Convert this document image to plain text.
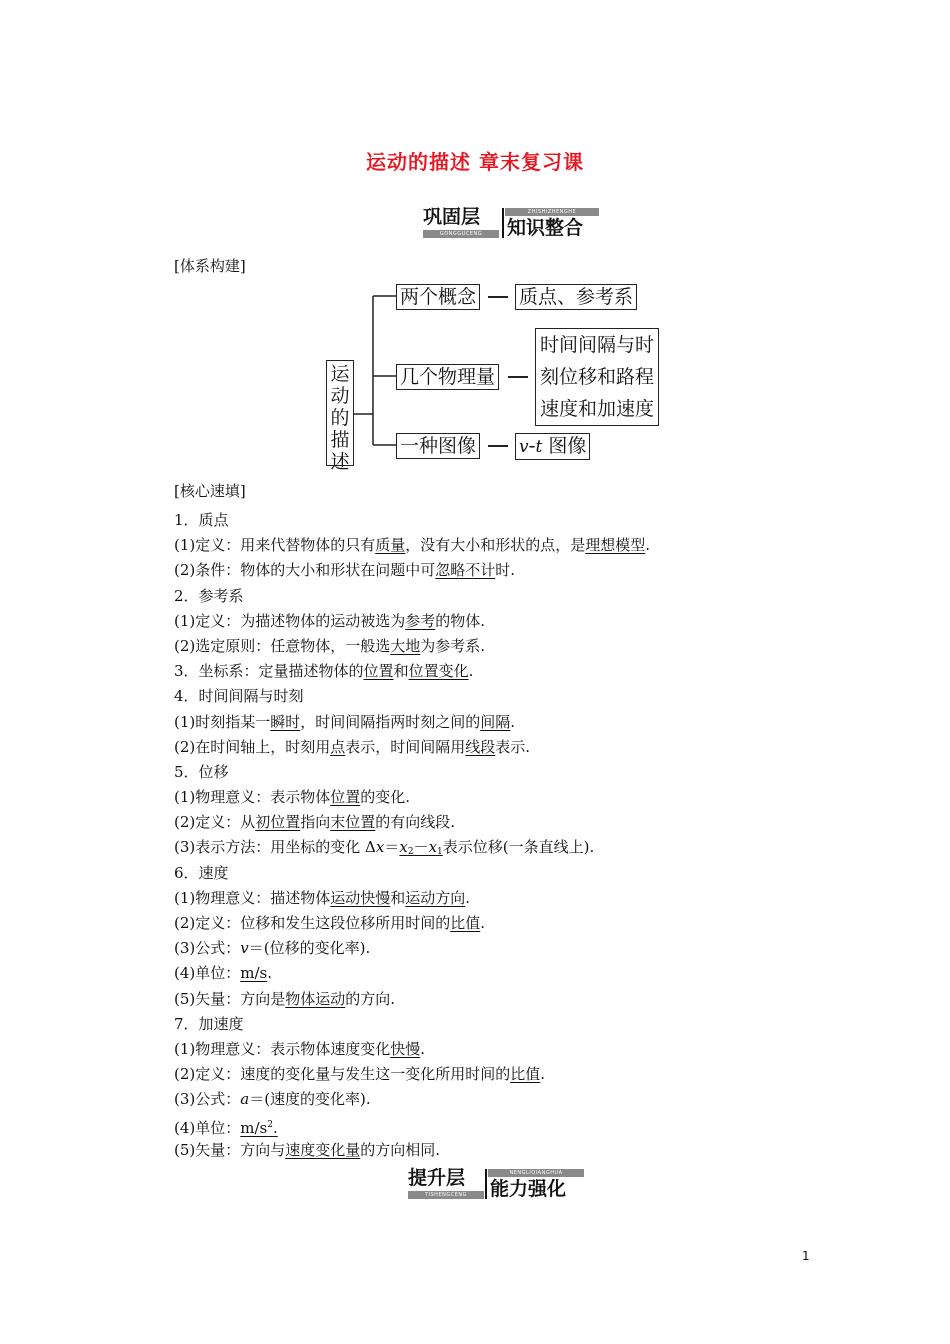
运动的描述 章末复习课
巩固层	ZHISHIZHENGHE
GONGGUCENG	知识整合
[体系构建]
运动的描述
两个概念 质点、参考系
几个物理量
时间间隔与时
刻位移和路程
速度和加速度
一种图像	v-t 图像
[核心速填]
1．质点
(1)定义：用来代替物体的只有质量，没有大小和形状的点，是理想模型.
(2)条件：物体的大小和形状在问题中可忽略不计时.
2．参考系
(1)定义：为描述物体的运动被选为参考的物体.
(2)选定原则：任意物体，一般选大地为参考系.
3．坐标系：定量描述物体的位置和位置变化.
4．时间间隔与时刻
(1)时刻指某一瞬时，时间间隔指两时刻之间的间隔.
(2)在时间轴上，时刻用点表示，时间间隔用线段表示.
5．位移
(1)物理意义：表示物体位置的变化.
(2)定义：从初位置指向末位置的有向线段.
(3)表示方法：用坐标的变化 $\Delta x=x_2-x_1$表示位移(一条直线上).
6．速度
(1)物理意义：描述物体运动快慢和运动方向.
(2)定义：位移和发生这段位移所用时间的比值.
(3)公式：v＝(位移的变化率).
(4)单位：m/s.
(5)矢量：方向是物体运动的方向.
7．加速度
(1)物理意义：表示物体速度变化快慢.
(2)定义：速度的变化量与发生这一变化所用时间的比值.
(3)公式：a＝(速度的变化率).
(4)单位：$m/s^2$.
(5)矢量：方向与速度变化量的方向相同.
提升层	NENGLIQIANGHUA
TISHENGCENG	能力强化
1
